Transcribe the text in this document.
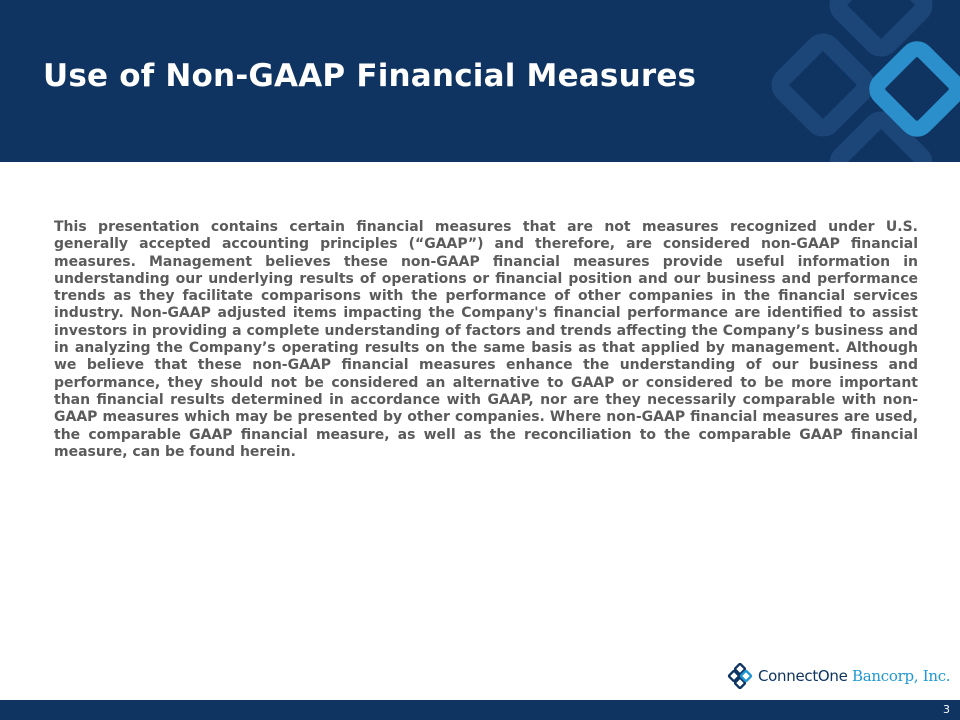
Use of Non-GAAP Financial Measures

This presentation contains certain financial measures that are not measures recognized under U.S. generally accepted accounting principles (“GAAP”) and therefore, are considered non-GAAP financial measures. Management believes these non-GAAP financial measures provide useful information in understanding our underlying results of operations or financial position and our business and performance trends as they facilitate comparisons with the performance of other companies in the financial services industry. Non-GAAP adjusted items impacting the Company's financial performance are identified to assist investors in providing a complete understanding of factors and trends affecting the Company’s business and in analyzing the Company’s operating results on the same basis as that applied by management. Although we believe that these non-GAAP financial measures enhance the understanding of our business and performance, they should not be considered an alternative to GAAP or considered to be more important than financial results determined in accordance with GAAP, nor are they necessarily comparable with non-GAAP measures which may be presented by other companies. Where non-GAAP financial measures are used, the comparable GAAP financial measure, as well as the reconciliation to the comparable GAAP financial measure, can be found herein.

ConnectOne Bancorp, Inc.
3
